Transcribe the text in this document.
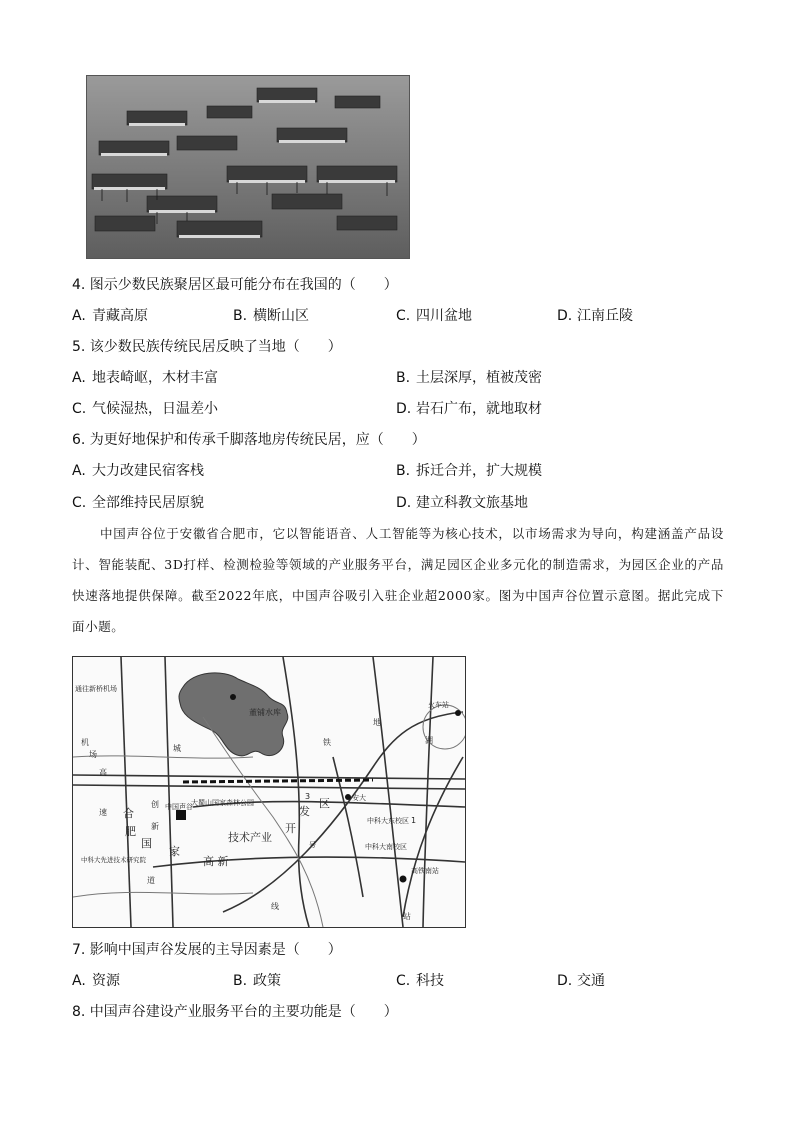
4. 图示少数民族聚居区最可能分布在我国的（　　）
A. 青藏高原	B. 横断山区	C. 四川盆地	D. 江南丘陵
5. 该少数民族传统民居反映了当地（　　）
A. 地表崎岖，木材丰富	B. 土层深厚，植被茂密
C. 气候湿热，日温差小	D. 岩石广布，就地取材
6. 为更好地保护和传承千脚落地房传统民居，应（　　）
A. 大力改建民宿客栈	B. 拆迁合并，扩大规模
C. 全部维持民居原貌	D. 建立科教文旅基地
中国声谷位于安徽省合肥市，它以智能语音、人工智能等为核心技术，以市场需求为导向，构建涵盖产品设计、智能装配、3D打样、检测检验等领域的产业服务平台，满足园区企业多元化的制造需求，为园区企业的产品快速落地提供保障。截至2022年底，中国声谷吸引入驻企业超2000家。图为中国声谷位置示意图。据此完成下面小题。
董铺水库
通往新桥机场
火车站
大蜀山国家森林公园
中国声谷
安大
中科大东校区
中科大南校区
高铁南站
中科大先进技术研究院
技术产业
高 新
家
国
肥
合
新
创
高
速
道
机
场
城
铁
地
开
发
区
3
1
号
线
站
湖
7. 影响中国声谷发展的主导因素是（　　）
A. 资源	B. 政策	C. 科技	D. 交通
8. 中国声谷建设产业服务平台的主要功能是（　　）
